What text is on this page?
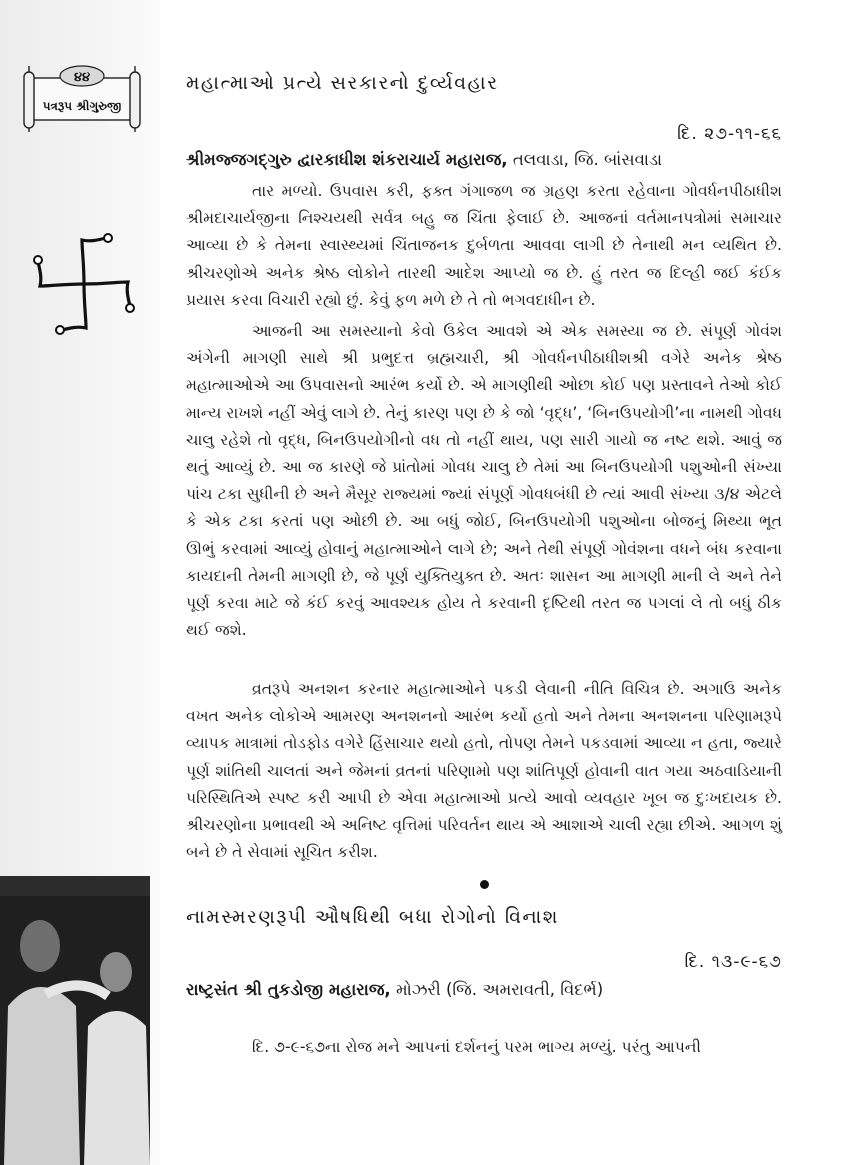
૪૪
પત્રરૂપ શ્રીગુરુજી
મહાત્માઓ પ્રત્યે સરકારનો દુર્વ્યવહાર
દિ. ૨૭-૧૧-૬૬
શ્રીમજ્જગદ્‌ગુરુ દ્વારકાધીશ શંકરાચાર્ય મહારાજ, તલવાડા, જિ. બાંસવાડા

તાર મળ્યો. ઉપવાસ કરી, ફક્ત ગંગાજળ જ ગ્રહણ કરતા રહેવાના ગોવર્ધનપીઠાધીશ શ્રીમદાચાર્યજીના નિશ્ચયથી સર્વત્ર બહુ જ ચિંતા ફેલાઈ છે. આજનાં વર્તમાનપત્રોમાં સમાચાર આવ્યા છે કે તેમના સ્વાસ્થ્યમાં ચિંતાજનક દુર્બળતા આવવા લાગી છે તેનાથી મન વ્યથિત છે. શ્રીચરણોએ અનેક શ્રેષ્ઠ લોકોને તારથી આદેશ આપ્યો જ છે. હું તરત જ દિલ્હી જઈ કંઈક પ્રયાસ કરવા વિચારી રહ્યો છું. કેવું ફળ મળે છે તે તો ભગવદાધીન છે.

આજની આ સમસ્યાનો કેવો ઉકેલ આવશે એ એક સમસ્યા જ છે. સંપૂર્ણ ગોવંશ અંગેની માગણી સાથે શ્રી પ્રભુદત્ત બ્રહ્મચારી, શ્રી ગોવર્ધનપીઠાધીશશ્રી વગેરે અનેક શ્રેષ્ઠ મહાત્માઓએ આ ઉપવાસનો આરંભ કર્યો છે. એ માગણીથી ઓછા કોઈ પણ પ્રસ્તાવને તેઓ કોઈ માન્ય રાખશે નહીં એવું લાગે છે. તેનું કારણ પણ છે કે જો ‘વૃદ્ધ’, ‘બિનઉપયોગી’ના નામથી ગોવધ ચાલુ રહેશે તો વૃદ્ધ, બિનઉપયોગીનો વધ તો નહીં થાય, પણ સારી ગાયો જ નષ્ટ થશે. આવું જ થતું આવ્યું છે. આ જ કારણે જે પ્રાંતોમાં ગોવધ ચાલુ છે તેમાં આ બિનઉપયોગી પશુઓની સંખ્યા પાંચ ટકા સુધીની છે અને મૈસૂર રાજ્યમાં જ્યાં સંપૂર્ણ ગોવધબંધી છે ત્યાં આવી સંખ્યા ૩/૪ એટલે કે એક ટકા કરતાં પણ ઓછી છે. આ બધું જોઈ, બિનઉપયોગી પશુઓના બોજનું મિથ્યા ભૂત ઊભું કરવામાં આવ્યું હોવાનું મહાત્માઓને લાગે છે; અને તેથી સંપૂર્ણ ગોવંશના વધને બંધ કરવાના કાયદાની તેમની માગણી છે, જે પૂર્ણ યુક્તિયુક્ત છે. અતઃ શાસન આ માગણી માની લે અને તેને પૂર્ણ કરવા માટે જે કંઈ કરવું આવશ્યક હોય તે કરવાની દૃષ્ટિથી તરત જ પગલાં લે તો બધું ઠીક થઈ જશે.

વ્રતરૂપે અનશન કરનાર મહાત્માઓને પકડી લેવાની નીતિ વિચિત્ર છે. અગાઉ અનેક વખત અનેક લોકોએ આમરણ અનશનનો આરંભ કર્યો હતો અને તેમના અનશનના પરિણામરૂપે વ્યાપક માત્રામાં તોડફોડ વગેરે હિંસાચાર થયો હતો, તોપણ તેમને પકડવામાં આવ્યા ન હતા, જ્યારે પૂર્ણ શાંતિથી ચાલતાં અને જેમનાં વ્રતનાં પરિણામો પણ શાંતિપૂર્ણ હોવાની વાત ગયા અઠવાડિયાની પરિસ્થિતિએ સ્પષ્ટ કરી આપી છે એવા મહાત્માઓ પ્રત્યે આવો વ્યવહાર ખૂબ જ દુઃખદાયક છે. શ્રીચરણોના પ્રભાવથી એ અનિષ્ટ વૃત્તિમાં પરિવર્તન થાય એ આશાએ ચાલી રહ્યા છીએ. આગળ શું બને છે તે સેવામાં સૂચિત કરીશ.

નામસ્મરણરૂપી ઔષધિથી બધા રોગોનો વિનાશ
દિ. ૧૩-૯-૬૭
રાષ્ટ્રસંત શ્રી તુકડોજી મહારાજ, મોઝરી (જિ. અમરાવતી, વિદર્ભ)

દિ. ૭-૯-૬૭ના રોજ મને આપનાં દર્શનનું પરમ ભાગ્ય મળ્યું. પરંતુ આપની
